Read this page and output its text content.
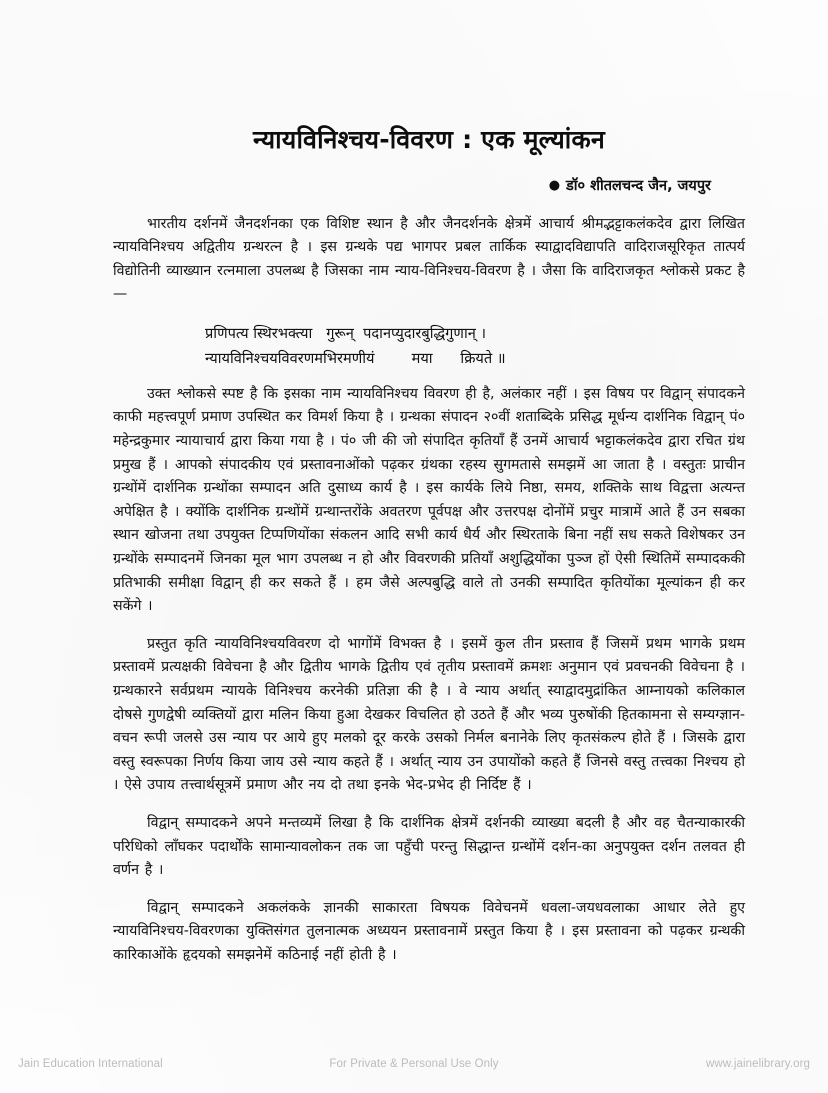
न्यायविनिश्चय-विवरण : एक मूल्यांकन
● डॉ० शीतलचन्द जैन, जयपुर

भारतीय दर्शनमें जैनदर्शनका एक विशिष्ट स्थान है और जैनदर्शनके क्षेत्रमें आचार्य श्रीमद्भट्टाकलंकदेव द्वारा लिखित न्यायविनिश्चय अद्वितीय ग्रन्थरत्न है । इस ग्रन्थके पद्य भागपर प्रबल तार्किक स्याद्वादविद्यापति वादिराजसूरिकृत तात्पर्य विद्योतिनी व्याख्यान रत्नमाला उपलब्ध है जिसका नाम न्याय-विनिश्चय-विवरण है । जैसा कि वादिराजकृत श्लोकसे प्रकट है—

प्रणिपत्य स्थिरभक्त्या   गुरून्  पदानप्युदारबुद्धिगुणान् ।
न्यायविनिश्चयविवरणमभिरमणीयं        मया      क्रियते ॥

उक्त श्लोकसे स्पष्ट है कि इसका नाम न्यायविनिश्चय विवरण ही है, अलंकार नहीं । इस विषय पर विद्वान् संपादकने काफी महत्त्वपूर्ण प्रमाण उपस्थित कर विमर्श किया है । ग्रन्थका संपादन २०वीं शताब्दिके प्रसिद्ध मूर्धन्य दार्शनिक विद्वान् पं० महेन्द्रकुमार न्यायाचार्य द्वारा किया गया है । पं० जी की जो संपादित कृतियाँ हैं उनमें आचार्य भट्टाकलंकदेव द्वारा रचित ग्रंथ प्रमुख हैं । आपको संपादकीय एवं प्रस्तावनाओंको पढ़कर ग्रंथका रहस्य सुगमतासे समझमें आ जाता है । वस्तुतः प्राचीन ग्रन्थोंमें दार्शनिक ग्रन्थोंका सम्पादन अति दुसाध्य कार्य है । इस कार्यके लिये निष्ठा, समय, शक्तिके साथ विद्वत्ता अत्यन्त अपेक्षित है । क्योंकि दार्शनिक ग्रन्थोंमें ग्रन्थान्तरोंके अवतरण पूर्वपक्ष और उत्तरपक्ष दोनोंमें प्रचुर मात्रामें आते हैं उन सबका स्थान खोजना तथा उपयुक्त टिप्पणियोंका संकलन आदि सभी कार्य धैर्य और स्थिरताके बिना नहीं सध सकते विशेषकर उन ग्रन्थोंके सम्पादनमें जिनका मूल भाग उपलब्ध न हो और विवरणकी प्रतियाँ अशुद्धियोंका पुञ्ज हों ऐसी स्थितिमें सम्पादककी प्रतिभाकी समीक्षा विद्वान् ही कर सकते हैं । हम जैसे अल्पबुद्धि वाले तो उनकी सम्पादित कृतियोंका मूल्यांकन ही कर सकेंगे ।

प्रस्तुत कृति न्यायविनिश्चयविवरण दो भागोंमें विभक्त है । इसमें कुल तीन प्रस्ताव हैं जिसमें प्रथम भागके प्रथम प्रस्तावमें प्रत्यक्षकी विवेचना है और द्वितीय भागके द्वितीय एवं तृतीय प्रस्तावमें क्रमशः अनुमान एवं प्रवचनकी विवेचना है । ग्रन्थकारने सर्वप्रथम न्यायके विनिश्चय करनेकी प्रतिज्ञा की है । वे न्याय अर्थात् स्याद्वादमुद्रांकित आम्नायको कलिकाल दोषसे गुणद्वेषी व्यक्तियों द्वारा मलिन किया हुआ देखकर विचलित हो उठते हैं और भव्य पुरुषोंकी हितकामना से सम्यग्ज्ञान-वचन रूपी जलसे उस न्याय पर आये हुए मलको दूर करके उसको निर्मल बनानेके लिए कृतसंकल्प होते हैं । जिसके द्वारा वस्तु स्वरूपका निर्णय किया जाय उसे न्याय कहते हैं । अर्थात् न्याय उन उपायोंको कहते हैं जिनसे वस्तु तत्त्वका निश्चय हो । ऐसे उपाय तत्त्वार्थसूत्रमें प्रमाण और नय दो तथा इनके भेद-प्रभेद ही निर्दिष्ट हैं ।

विद्वान् सम्पादकने अपने मन्तव्यमें लिखा है कि दार्शनिक क्षेत्रमें दर्शनकी व्याख्या बदली है और वह चैतन्याकारकी परिधिको लाँघकर पदार्थोंके सामान्यावलोकन तक जा पहुँची परन्तु सिद्धान्त ग्रन्थोंमें दर्शन-का अनुपयुक्त दर्शन तलवत ही वर्णन है ।

विद्वान् सम्पादकने अकलंकके ज्ञानकी साकारता विषयक विवेचनमें धवला-जयधवलाका आधार लेते हुए न्यायविनिश्चय-विवरणका युक्तिसंगत तुलनात्मक अध्ययन प्रस्तावनामें प्रस्तुत किया है । इस प्रस्तावना को पढ़कर ग्रन्थकी कारिकाओंके हृदयको समझनेमें कठिनाई नहीं होती है ।

Jain Education International	For Private & Personal Use Only	www.jainelibrary.org
